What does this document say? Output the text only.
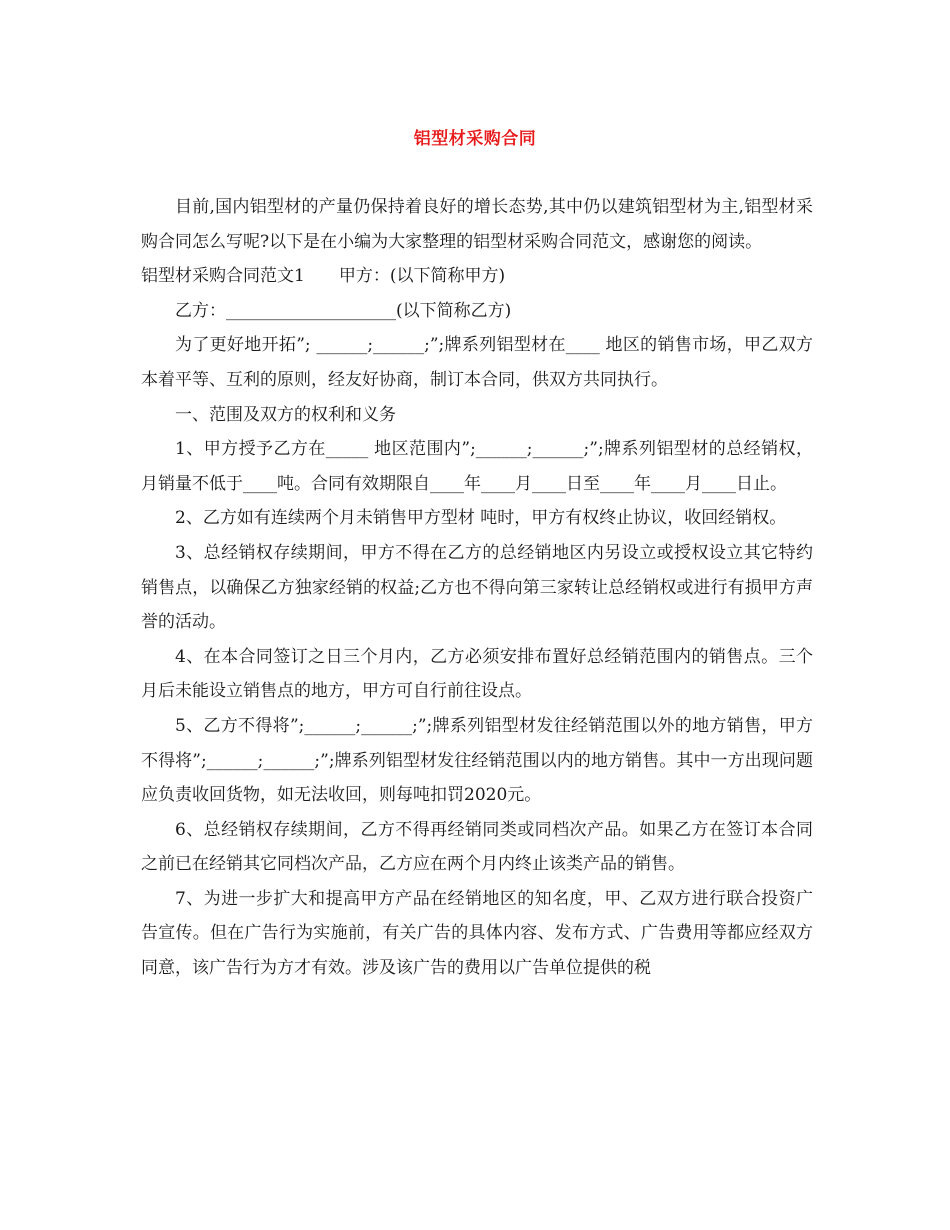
铝型材采购合同

目前,国内铝型材的产量仍保持着良好的增长态势,其中仍以建筑铝型材为主,铝型材采购合同怎么写呢?以下是在小编为大家整理的铝型材采购合同范文，感谢您的阅读。

铝型材采购合同范文1　　甲方：(以下简称甲方)

乙方：____________________(以下简称乙方)

为了更好地开拓”; ______;______;”;牌系列铝型材在____ 地区的销售市场，甲乙双方本着平等、互利的原则，经友好协商，制订本合同，供双方共同执行。

一、范围及双方的权利和义务

1、甲方授予乙方在_____ 地区范围内”;______;______;”;牌系列铝型材的总经销权，月销量不低于____吨。合同有效期限自____年____月____日至____年____月____日止。

2、乙方如有连续两个月未销售甲方型材 吨时，甲方有权终止协议，收回经销权。

3、总经销权存续期间，甲方不得在乙方的总经销地区内另设立或授权设立其它特约销售点，以确保乙方独家经销的权益;乙方也不得向第三家转让总经销权或进行有损甲方声誉的活动。

4、在本合同签订之日三个月内，乙方必须安排布置好总经销范围内的销售点。三个月后未能设立销售点的地方，甲方可自行前往设点。

5、乙方不得将”;______;______;”;牌系列铝型材发往经销范围以外的地方销售，甲方不得将”;______;______;”;牌系列铝型材发往经销范围以内的地方销售。其中一方出现问题应负责收回货物，如无法收回，则每吨扣罚2020元。

6、总经销权存续期间，乙方不得再经销同类或同档次产品。如果乙方在签订本合同之前已在经销其它同档次产品，乙方应在两个月内终止该类产品的销售。

7、为进一步扩大和提高甲方产品在经销地区的知名度，甲、乙双方进行联合投资广告宣传。但在广告行为实施前，有关广告的具体内容、发布方式、广告费用等都应经双方同意，该广告行为方才有效。涉及该广告的费用以广告单位提供的税
